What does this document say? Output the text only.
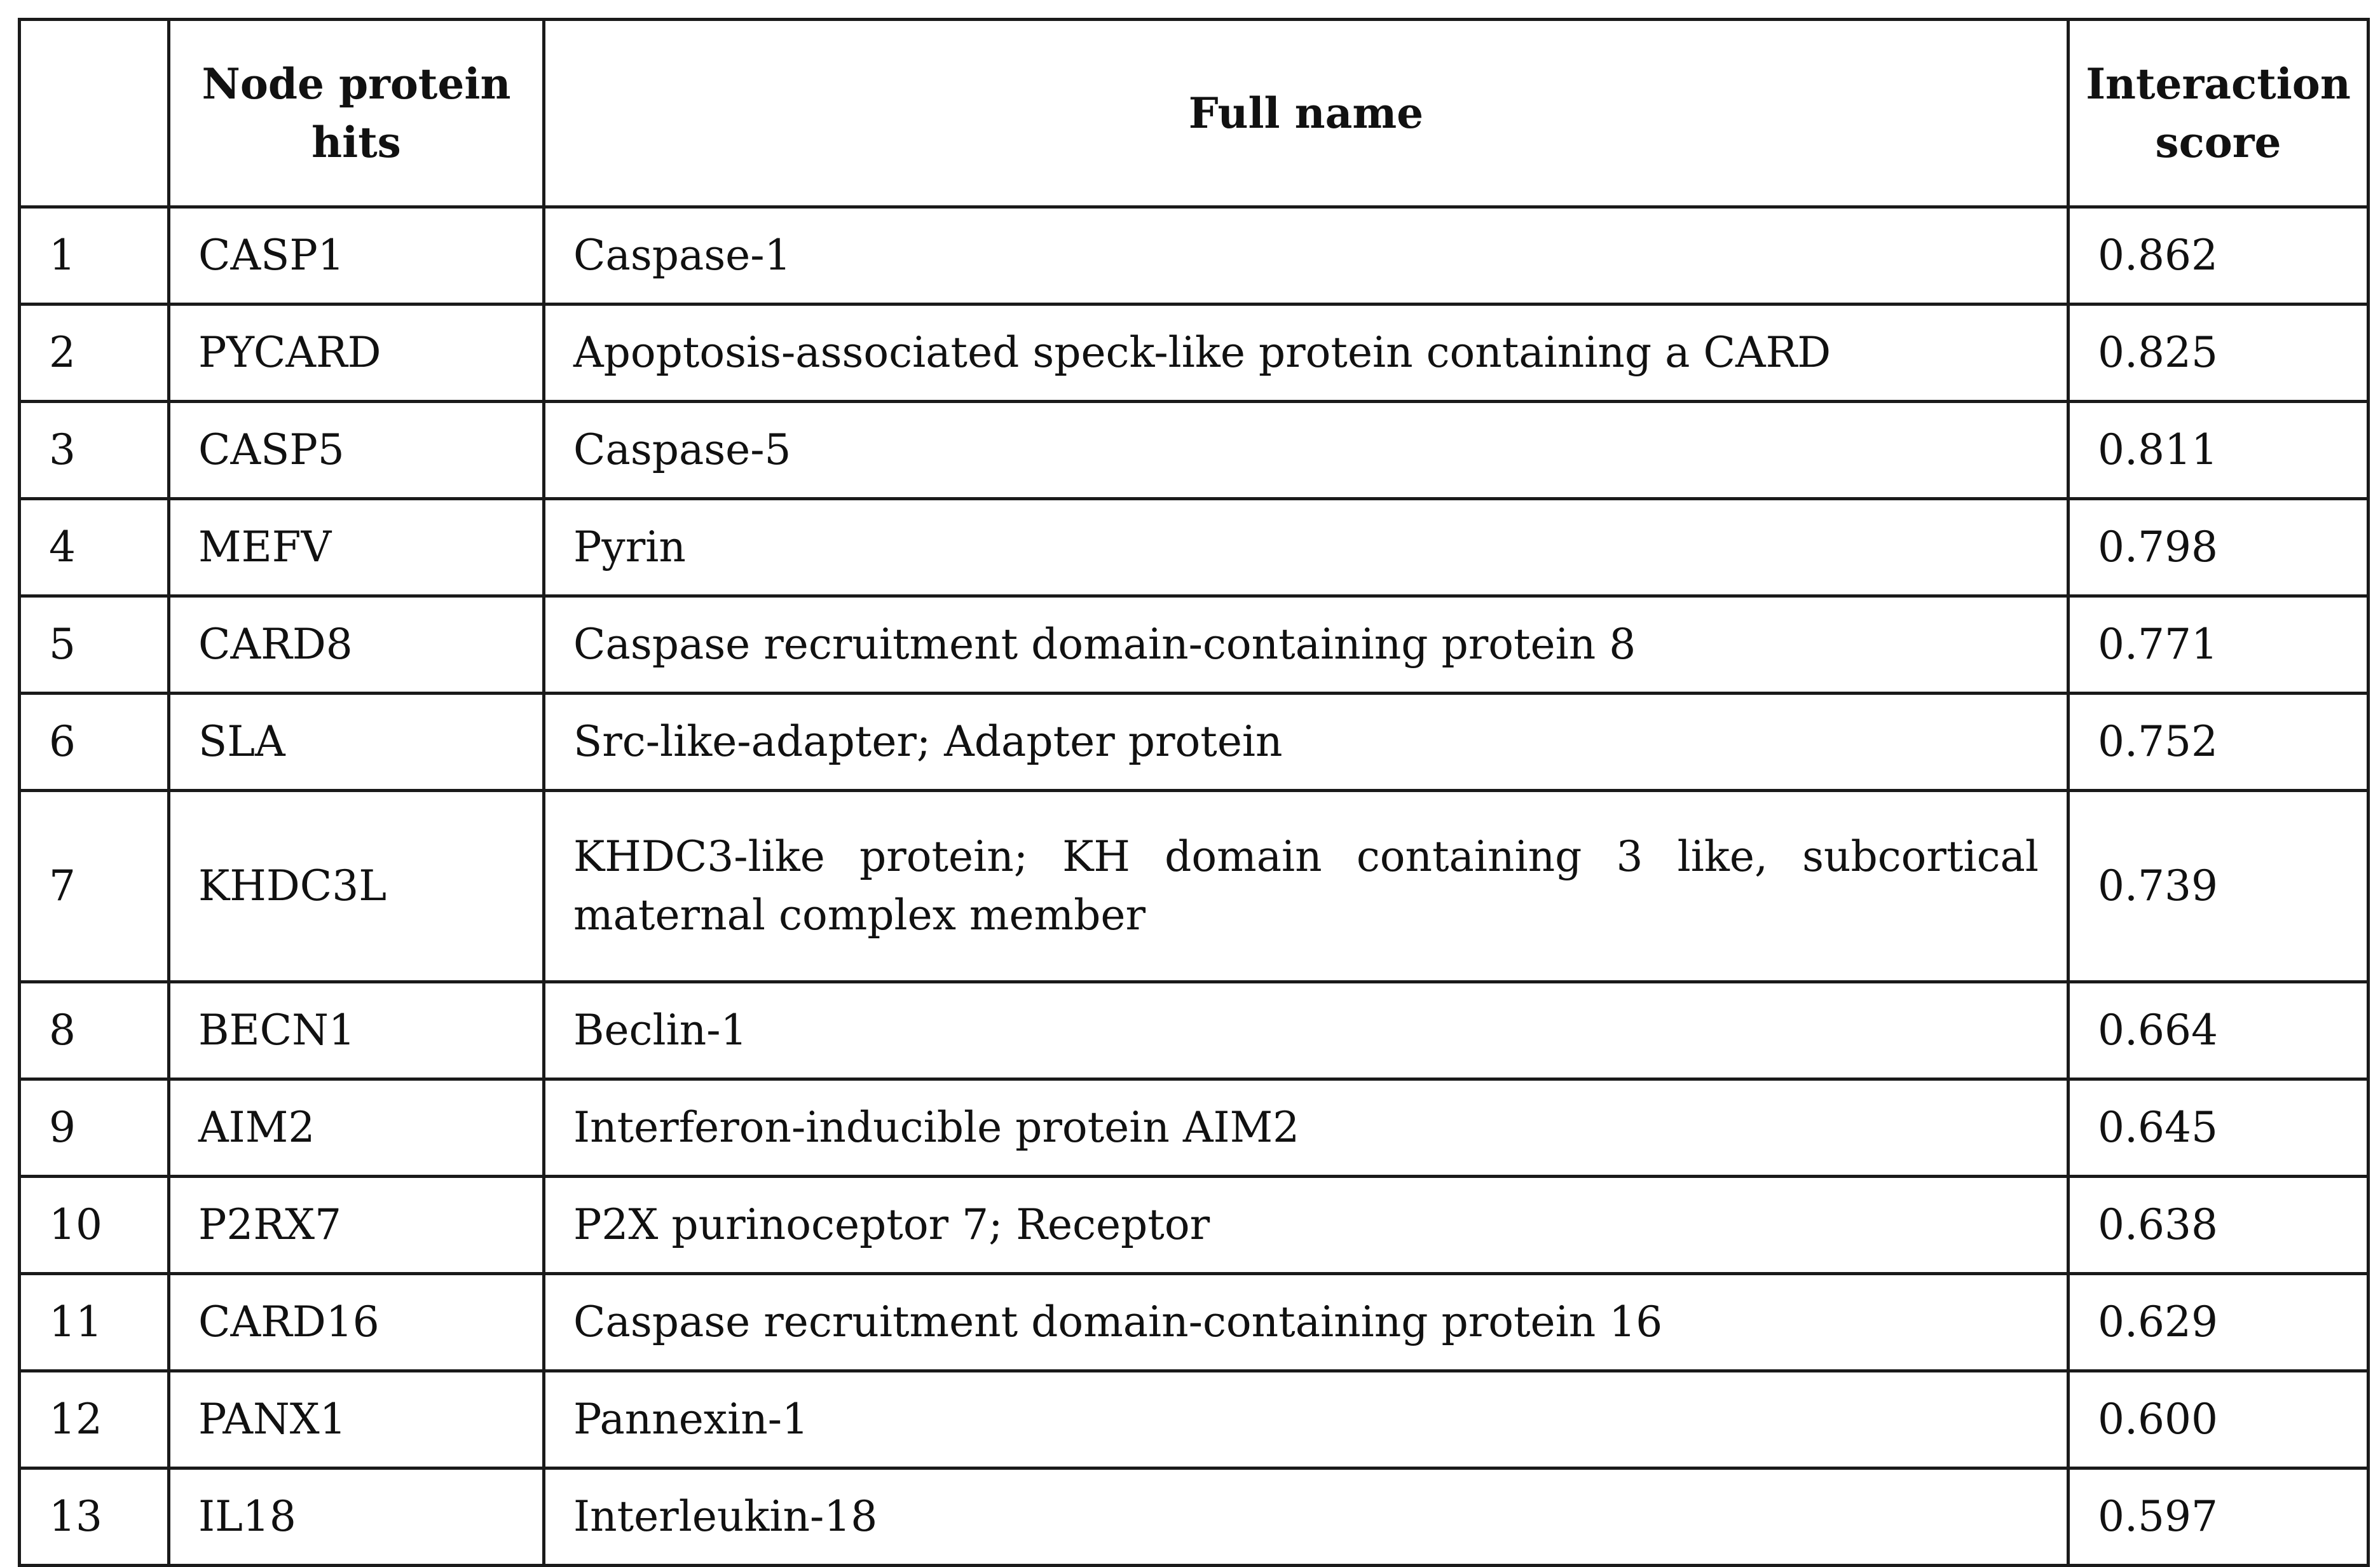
	Node protein hits	Full name	Interaction score
1	CASP1	Caspase-1	0.862
2	PYCARD	Apoptosis-associated speck-like protein containing a CARD	0.825
3	CASP5	Caspase-5	0.811
4	MEFV	Pyrin	0.798
5	CARD8	Caspase recruitment domain-containing protein 8	0.771
6	SLA	Src-like-adapter; Adapter protein	0.752
7	KHDC3L	KHDC3-like protein; KH domain containing 3 like, subcortical maternal complex member	0.739
8	BECN1	Beclin-1	0.664
9	AIM2	Interferon-inducible protein AIM2	0.645
10	P2RX7	P2X purinoceptor 7; Receptor	0.638
11	CARD16	Caspase recruitment domain-containing protein 16	0.629
12	PANX1	Pannexin-1	0.600
13	IL18	Interleukin-18	0.597
